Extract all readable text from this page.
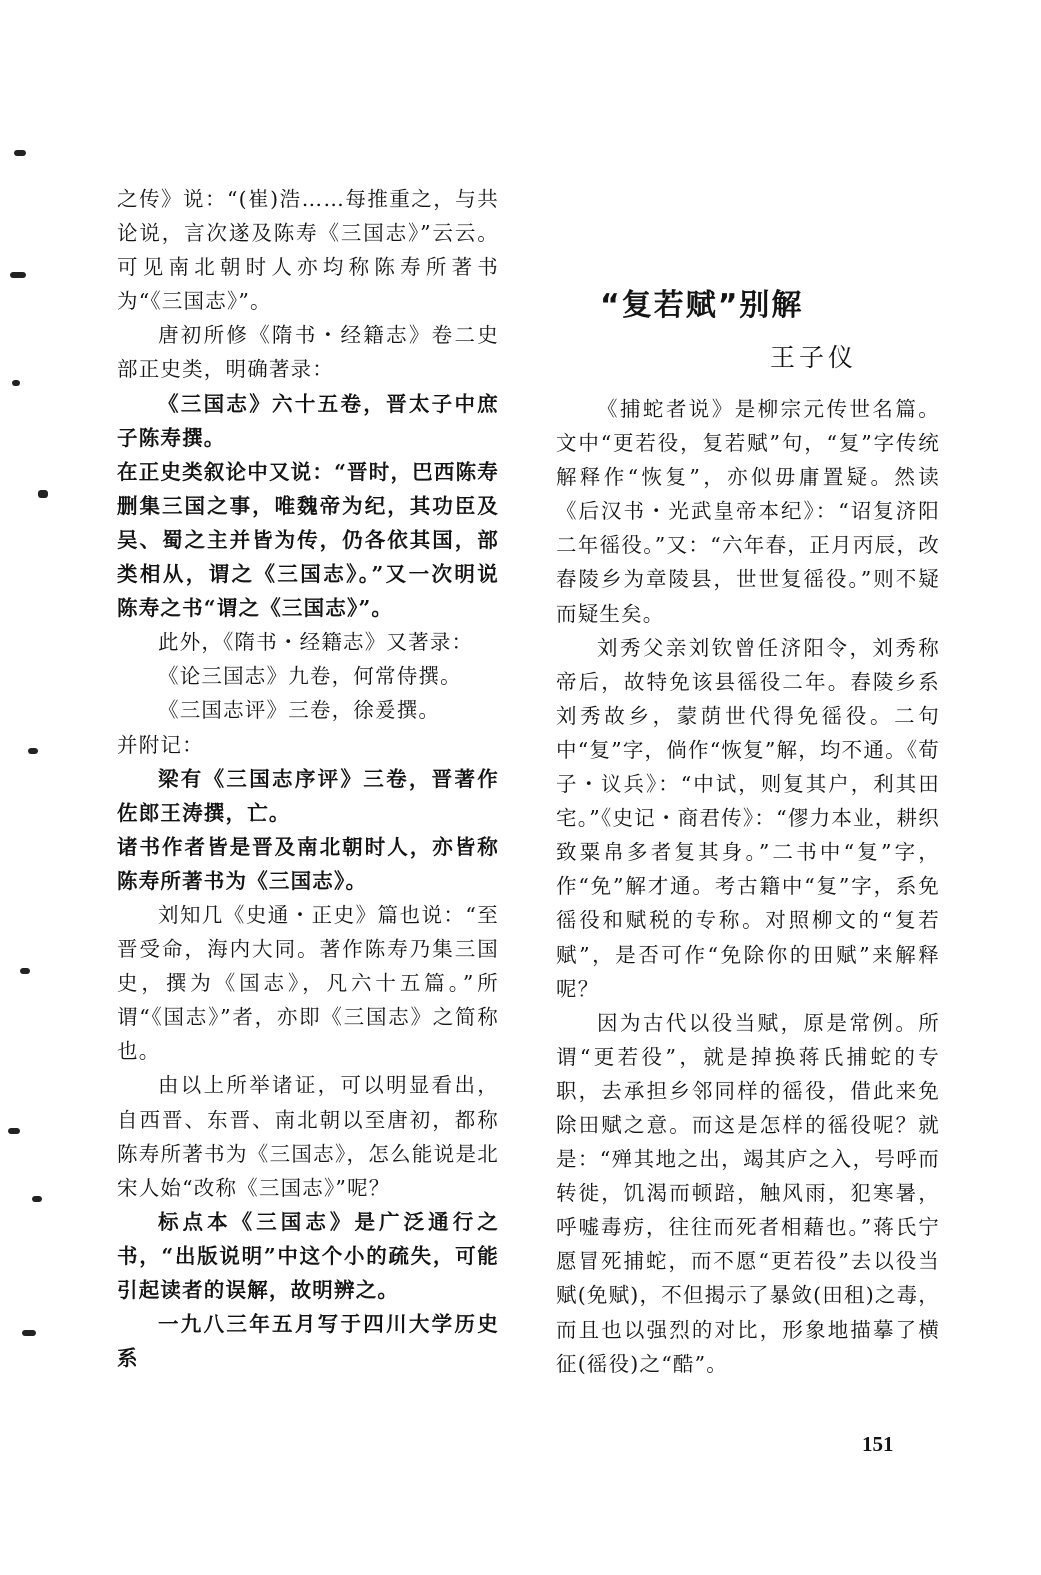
之传》说：“(崔)浩……每推重之，与共论说，言次遂及陈寿《三国志》”云云。可见南北朝时人亦均称陈寿所著书为“《三国志》”。

唐初所修《隋书・经籍志》卷二史部正史类，明确著录：

《三国志》六十五卷，晋太子中庶子陈寿撰。

在正史类叙论中又说：“晋时，巴西陈寿删集三国之事，唯魏帝为纪，其功臣及吴、蜀之主并皆为传，仍各依其国，部类相从，谓之《三国志》。”又一次明说陈寿之书“谓之《三国志》”。

此外，《隋书・经籍志》又著录：

《论三国志》九卷，何常侍撰。

《三国志评》三卷，徐爰撰。

并附记：

梁有《三国志序评》三卷，晋著作佐郎王涛撰，亡。

诸书作者皆是晋及南北朝时人，亦皆称陈寿所著书为《三国志》。

刘知几《史通・正史》篇也说：“至晋受命，海内大同。著作陈寿乃集三国史，撰为《国志》，凡六十五篇。”所谓“《国志》”者，亦即《三国志》之简称也。

由以上所举诸证，可以明显看出，自西晋、东晋、南北朝以至唐初，都称陈寿所著书为《三国志》，怎么能说是北宋人始“改称《三国志》”呢？

标点本《三国志》是广泛通行之书，“出版说明”中这个小的疏失，可能引起读者的误解，故明辨之。

一九八三年五月写于四川大学历史系

“复若赋”别解
王子仪

《捕蛇者说》是柳宗元传世名篇。文中“更若役，复若赋”句，“复”字传统解释作“恢复”，亦似毋庸置疑。然读《后汉书・光武皇帝本纪》：“诏复济阳二年徭役。”又：“六年春，正月丙辰，改舂陵乡为章陵县，世世复徭役。”则不疑而疑生矣。

刘秀父亲刘钦曾任济阳令，刘秀称帝后，故特免该县徭役二年。舂陵乡系刘秀故乡，蒙荫世代得免徭役。二句中“复”字，倘作“恢复”解，均不通。《荀子・议兵》：“中试，则复其户，利其田宅。”《史记・商君传》：“僇力本业，耕织致粟帛多者复其身。”二书中“复”字，作“免”解才通。考古籍中“复”字，系免徭役和赋税的专称。对照柳文的“复若赋”，是否可作“免除你的田赋”来解释呢？

因为古代以役当赋，原是常例。所谓“更若役”，就是掉换蒋氏捕蛇的专职，去承担乡邻同样的徭役，借此来免除田赋之意。而这是怎样的徭役呢？就是：“殚其地之出，竭其庐之入，号呼而转徙，饥渴而顿踣，触风雨，犯寒暑，呼嘘毒疠，往往而死者相藉也。”蒋氏宁愿冒死捕蛇，而不愿“更若役”去以役当赋(免赋)，不但揭示了暴敛(田租)之毒，而且也以强烈的对比，形象地描摹了横征(徭役)之“酷”。

151
